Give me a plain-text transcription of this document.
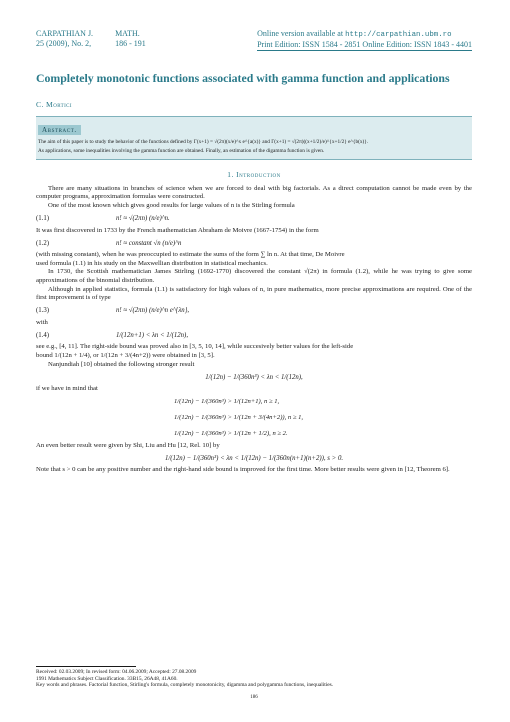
CARPATHIAN J.
25 (2009), No. 2,
MATH.
186 - 191
Online version available at http://carpathian.ubm.ro
Print Edition: ISSN 1584 - 2851 Online Edition: ISSN 1843 - 4401
Completely monotonic functions associated with gamma function and applications
C. Mortici
Abstract.
The aim of this paper is to study the behavior of the functions defined by Γ(x+1) = √(2π)(x/e)^x e^{a(x)} and Γ(x+1) = √(2π)((x+1/2)/e)^{x+1/2} e^{b(x)}.
As applications, some inequalities involving the gamma function are obtained. Finally, an estimation of the digamma function is given.
1. Introduction

There are many situations in branches of science when we are forced to deal with big factorials. As a direct computation cannot be made even by the computer programs, approximation formulas were constructed.

One of the most known which gives good results for large values of n is the Stirling formula

(1.1)	n! ≈ √(2πn) (n/e)^n.

It was first discovered in 1733 by the French mathematician Abraham de Moivre (1667-1754) in the form

(1.2)	n! ≈ constant √n (n/e)^n

(with missing constant), when he was preoccupied to estimate the sums of the form ∑ ln n. At that time, De Moivre

used formula (1.1) in his study on the Maxwellian distribution in statistical mechanics.

In 1730, the Scottish mathematician James Stirling (1692-1770) discovered the constant √(2π) in formula (1.2), while he was trying to give some approximations of the binomial distribution.

Although in applied statistics, formula (1.1) is satisfactory for high values of n, in pure mathematics, more precise approximations are required. One of the first improvement is of type

(1.3)	n! ≈ √(2πn) (n/e)^n e^{λn},

with

(1.4)	1/(12n+1) < λn < 1/(12n),

see e.g., [4, 11]. The right-side bound was proved also in [3, 5, 10, 14], while succesively better values for the left-side

bound 1/(12n + 1/4), or 1/(12n + 3/(4n+2)) were obtained in [3, 5].

Nanjundiah [10] obtained the following stronger result

1/(12n) − 1/(360n³) < λn < 1/(12n),

if we have in mind that

1/(12n) − 1/(360n³) > 1/(12n+1), n ≥ 1,
1/(12n) − 1/(360n³) > 1/(12n + 3/(4n+2)), n ≥ 1,
1/(12n) − 1/(360n³) > 1/(12n + 1/2), n ≥ 2.

An even better result were given by Shi, Liu and Hu [12, Rel. 10] by

1/(12n) − 1/(360n³) < λn < 1/(12n) − 1/(360n(n+1)(n+2)), s > 0.

Note that s > 0 can be any positive number and the right-hand side bound is improved for the first time. More better results were given in [12, Theorem 6].

Received: 02.03.2009; In revised form: 04.06.2009; Accepted: 27.08.2009
1991 Mathematics Subject Classification. 33B15, 26A48, 41A60.
Key words and phrases. Factorial function, Stirling's formula, completely monotonicity, digamma and polygamma functions, inequalities.
186
